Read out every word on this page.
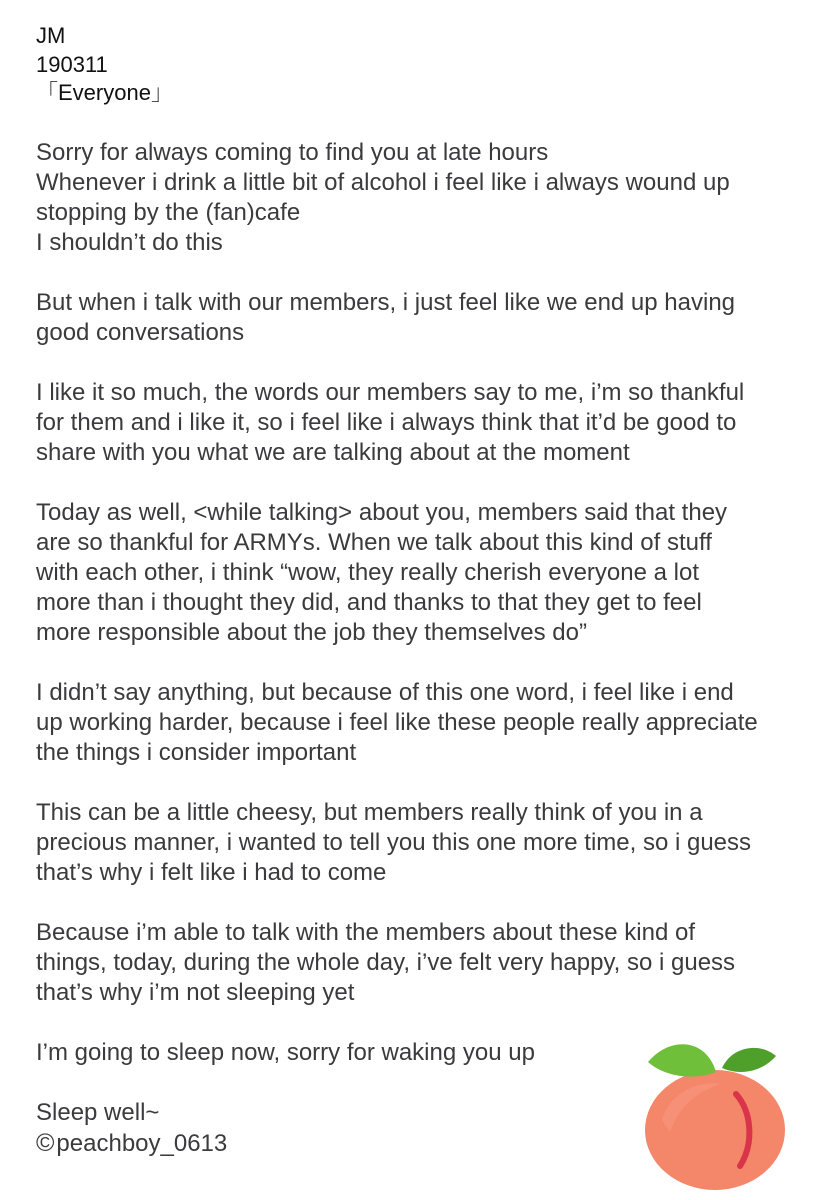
JM
190311
「Everyone」
Sorry for always coming to find you at late hours
Whenever i drink a little bit of alcohol i feel like i always wound up
stopping by the (fan)cafe
I shouldn’t do this
But when i talk with our members, i just feel like we end up having
good conversations
I like it so much, the words our members say to me, i’m so thankful
for them and i like it, so i feel like i always think that it’d be good to
share with you what we are talking about at the moment
Today as well, <while talking> about you, members said that they
are so thankful for ARMYs. When we talk about this kind of stuff
with each other, i think “wow, they really cherish everyone a lot
more than i thought they did, and thanks to that they get to feel
more responsible about the job they themselves do”
I didn’t say anything, but because of this one word, i feel like i end
up working harder, because i feel like these people really appreciate
the things i consider important
This can be a little cheesy, but members really think of you in a
precious manner, i wanted to tell you this one more time, so i guess
that’s why i felt like i had to come
Because i’m able to talk with the members about these kind of
things, today, during the whole day, i’ve felt very happy, so i guess
that’s why i’m not sleeping yet
I’m going to sleep now, sorry for waking you up
Sleep well~
©peachboy_0613
